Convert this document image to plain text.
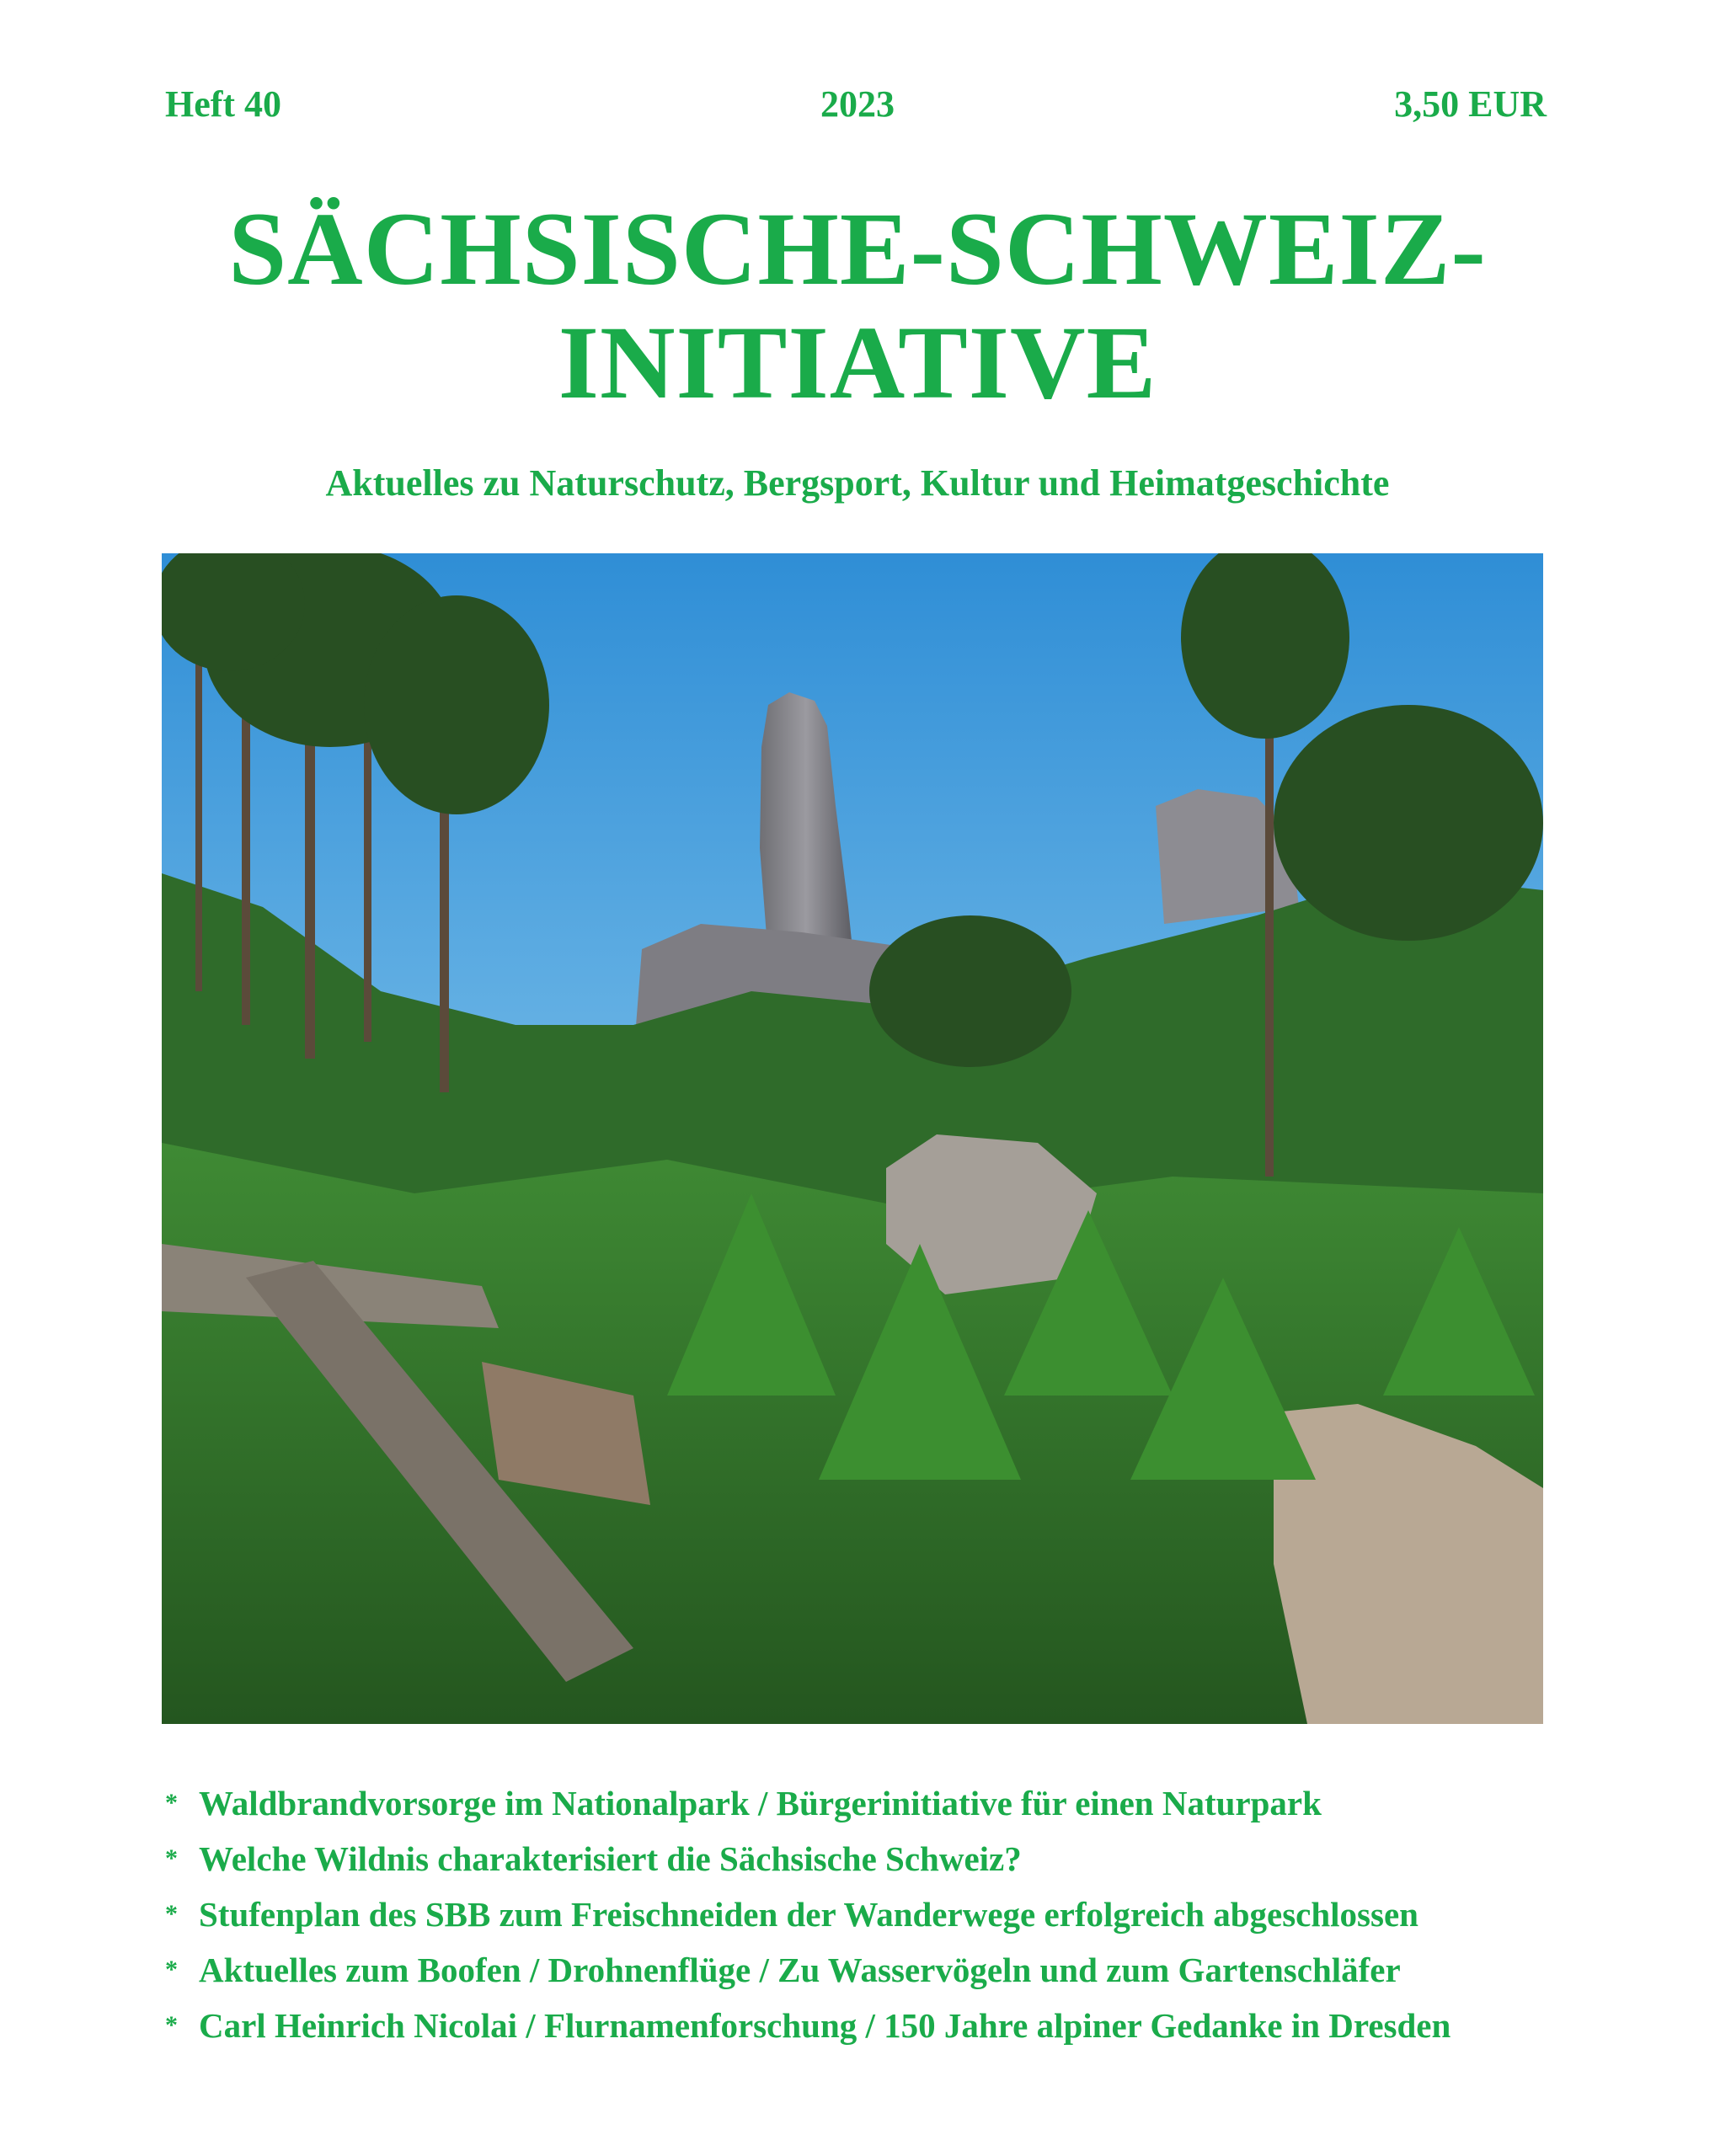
Heft 40	2023	3,50 EUR
SÄCHSISCHE-SCHWEIZ-
INITIATIVE
Aktuelles zu Naturschutz, Bergsport, Kultur und Heimatgeschichte
* Waldbrandvorsorge im Nationalpark / Bürgerinitiative für einen Naturpark
* Welche Wildnis charakterisiert die Sächsische Schweiz?
* Stufenplan des SBB zum Freischneiden der Wanderwege erfolgreich abgeschlossen
* Aktuelles zum Boofen / Drohnenflüge / Zu Wasservögeln und zum Gartenschläfer
* Carl Heinrich Nicolai / Flurnamenforschung / 150 Jahre alpiner Gedanke in Dresden
